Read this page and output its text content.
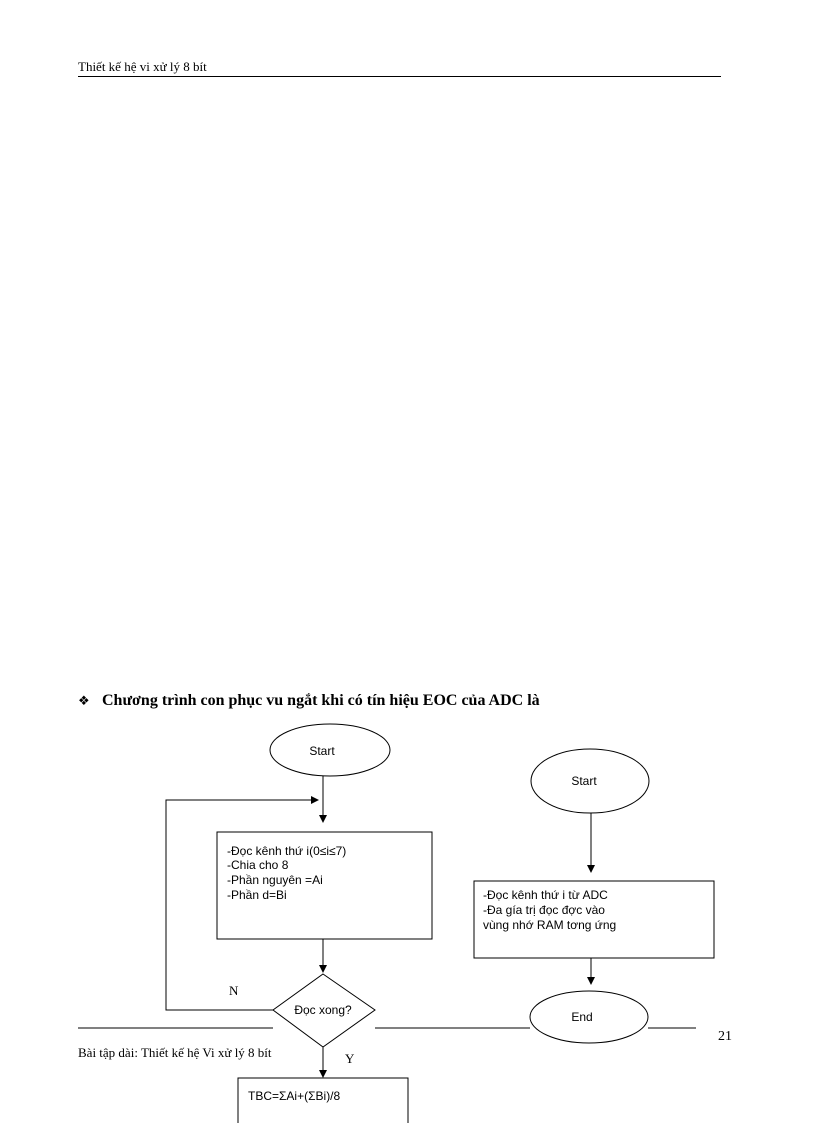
Thiết kế hệ vi xử lý 8 bít
❖ Chương trình con phục vu ngắt khi có tín hiệu EOC của ADC là
Start
-Đọc kênh thứ i(0≤i≤7)
-Chia cho 8
-Phần nguyên =Ai
-Phần d=Bi
Đọc xong?
N
Y
TBC=ΣAi+(ΣBi)/8
Start
-Đọc kênh thứ i từ ADC
-Đa gía trị đọc đợc vào
vùng nhớ RAM tơng ứng
End
Bài tập dài: Thiết kế hệ Vi xử lý 8 bít
21
